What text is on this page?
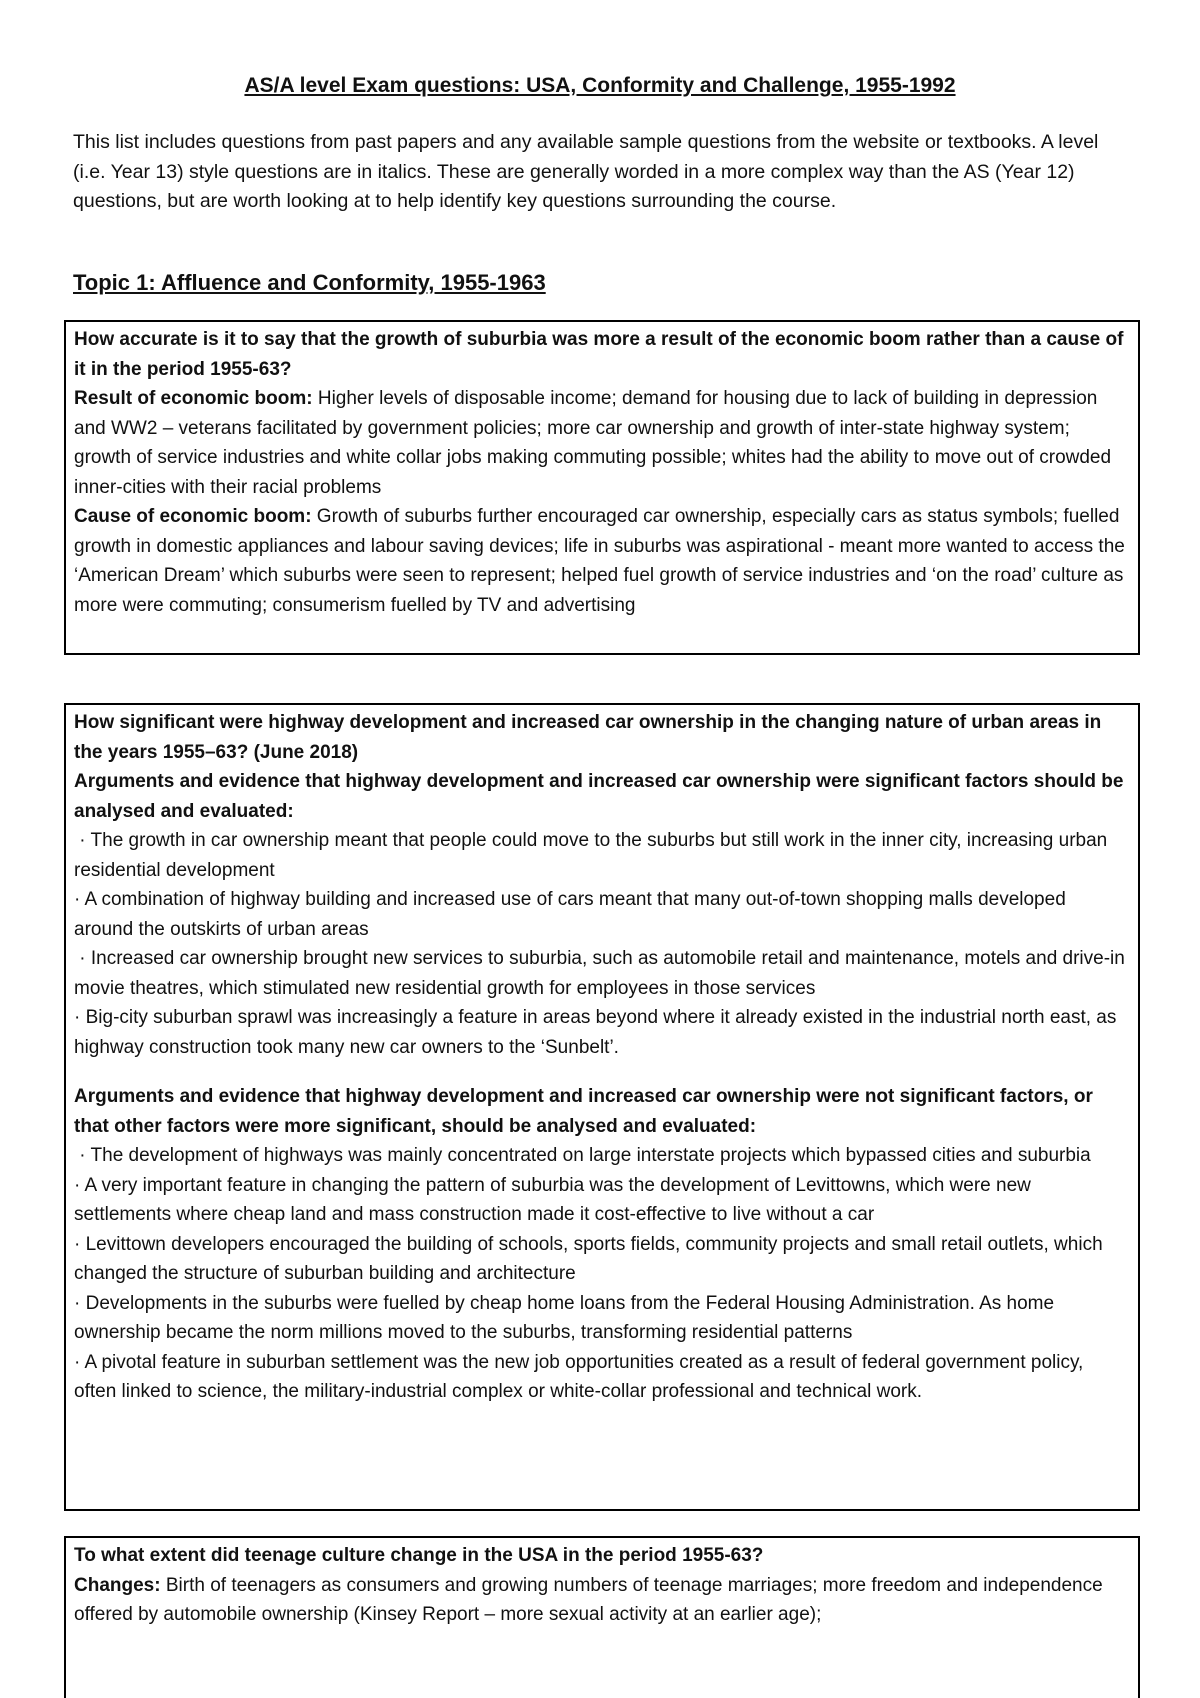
AS/A level Exam questions: USA, Conformity and Challenge, 1955-1992

This list includes questions from past papers and any available sample questions from the website or textbooks. A level (i.e. Year 13) style questions are in italics. These are generally worded in a more complex way than the AS (Year 12) questions, but are worth looking at to help identify key questions surrounding the course.

Topic 1: Affluence and Conformity, 1955-1963

How accurate is it to say that the growth of suburbia was more a result of the economic boom rather than a cause of it in the period 1955-63?

Result of economic boom: Higher levels of disposable income; demand for housing due to lack of building in depression and WW2 – veterans facilitated by government policies; more car ownership and growth of inter-state highway system; growth of service industries and white collar jobs making commuting possible; whites had the ability to move out of crowded inner-cities with their racial problems

Cause of economic boom: Growth of suburbs further encouraged car ownership, especially cars as status symbols; fuelled growth in domestic appliances and labour saving devices; life in suburbs was aspirational - meant more wanted to access the ‘American Dream’ which suburbs were seen to represent; helped fuel growth of service industries and ‘on the road’ culture as more were commuting; consumerism fuelled by TV and advertising

How significant were highway development and increased car ownership in the changing nature of urban areas in the years 1955–63? (June 2018)

Arguments and evidence that highway development and increased car ownership were significant factors should be analysed and evaluated:

· The growth in car ownership meant that people could move to the suburbs but still work in the inner city, increasing urban residential development

· A combination of highway building and increased use of cars meant that many out-of-town shopping malls developed around the outskirts of urban areas

· Increased car ownership brought new services to suburbia, such as automobile retail and maintenance, motels and drive-in movie theatres, which stimulated new residential growth for employees in those services

· Big-city suburban sprawl was increasingly a feature in areas beyond where it already existed in the industrial north east, as highway construction took many new car owners to the ‘Sunbelt’.

Arguments and evidence that highway development and increased car ownership were not significant factors, or that other factors were more significant, should be analysed and evaluated:

· The development of highways was mainly concentrated on large interstate projects which bypassed cities and suburbia

· A very important feature in changing the pattern of suburbia was the development of Levittowns, which were new settlements where cheap land and mass construction made it cost-effective to live without a car

· Levittown developers encouraged the building of schools, sports fields, community projects and small retail outlets, which changed the structure of suburban building and architecture

· Developments in the suburbs were fuelled by cheap home loans from the Federal Housing Administration. As home ownership became the norm millions moved to the suburbs, transforming residential patterns

· A pivotal feature in suburban settlement was the new job opportunities created as a result of federal government policy, often linked to science, the military-industrial complex or white-collar professional and technical work.

To what extent did teenage culture change in the USA in the period 1955-63?

Changes: Birth of teenagers as consumers and growing numbers of teenage marriages; more freedom and independence offered by automobile ownership (Kinsey Report – more sexual activity at an earlier age);
